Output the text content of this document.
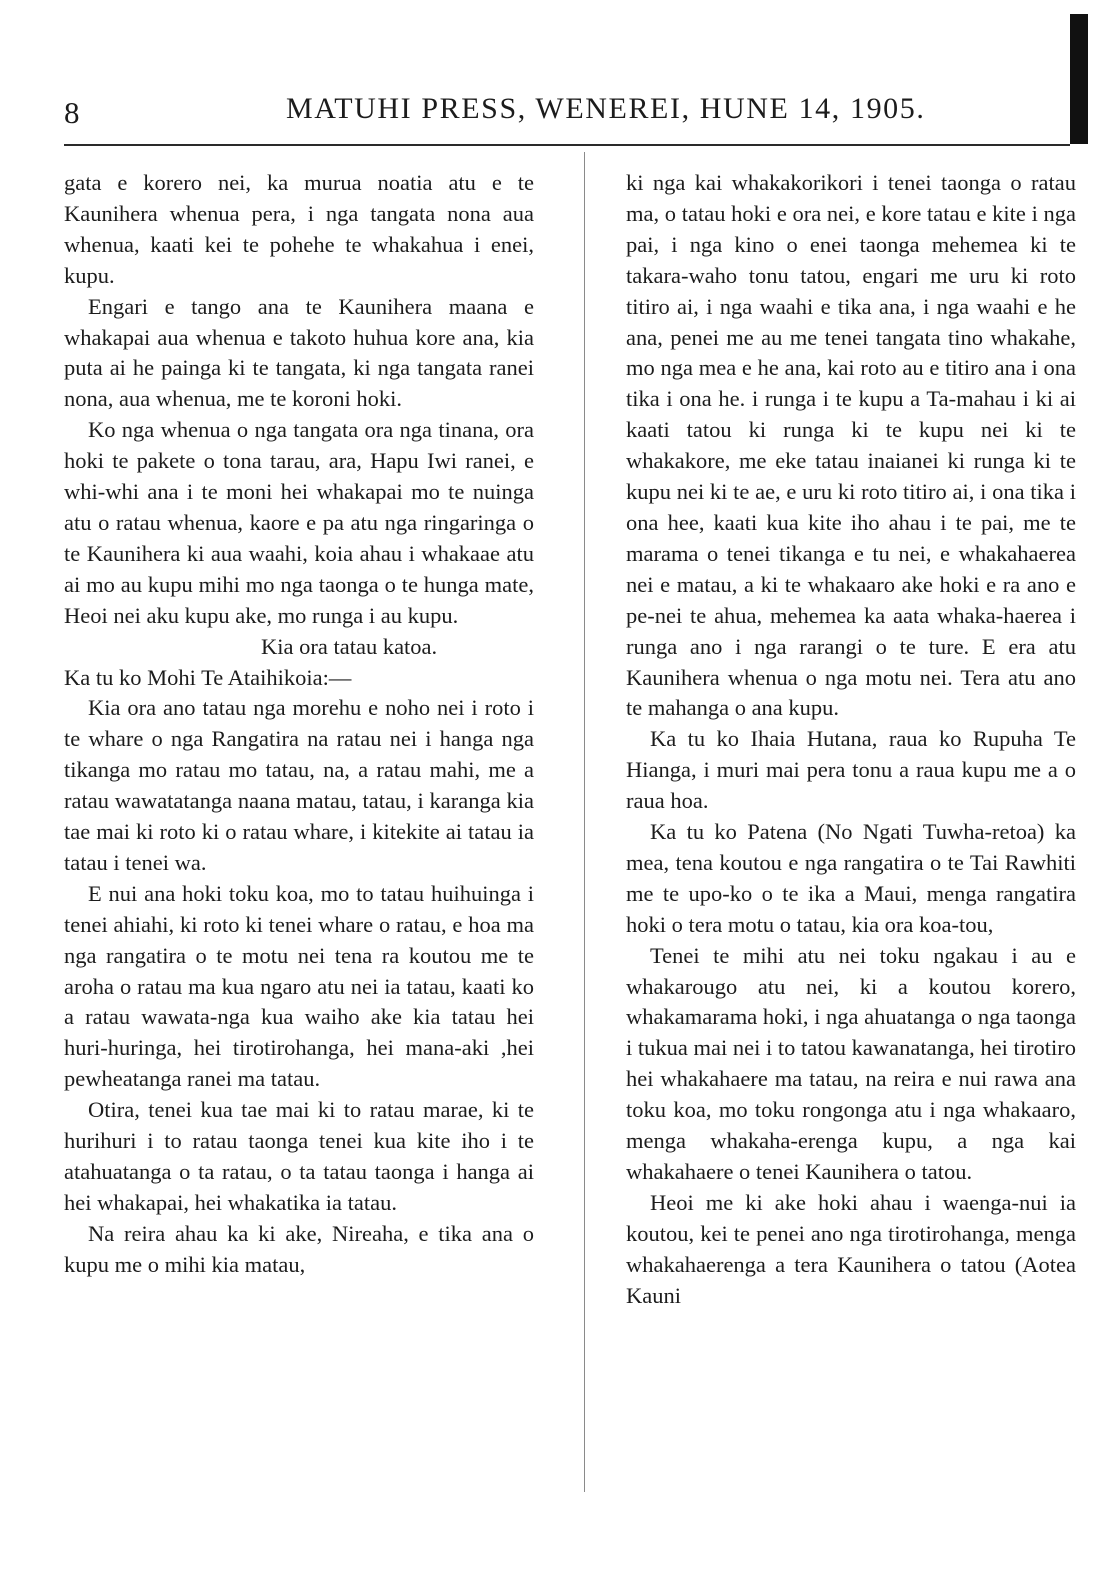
8	MATUHI PRESS, WENEREI, HUNE 14, 1905.

gata e korero nei, ka murua noatia atu e te Kaunihera whenua pera, i nga tangata nona aua whenua, kaati kei te pohehe te whakahua i enei, kupu.

Engari e tango ana te Kaunihera maana e whakapai aua whenua e takoto huhua kore ana, kia puta ai he painga ki te tangata, ki nga tangata ranei nona, aua whenua, me te koroni hoki.

Ko nga whenua o nga tangata ora nga tinana, ora hoki te pakete o tona tarau, ara, Hapu Iwi ranei, e whi-whi ana i te moni hei whakapai mo te nuinga atu o ratau whenua, kaore e pa atu nga ringaringa o te Kaunihera ki aua waahi, koia ahau i whakaae atu ai mo au kupu mihi mo nga taonga o te hunga mate, Heoi nei aku kupu ake, mo runga i au kupu.

Kia ora tatau katoa.

Ka tu ko Mohi Te Ataihikoia:—

Kia ora ano tatau nga morehu e noho nei i roto i te whare o nga Rangatira na ratau nei i hanga nga tikanga mo ratau mo tatau, na, a ratau mahi, me a ratau wawatatanga naana matau, tatau, i karanga kia tae mai ki roto ki o ratau whare, i kitekite ai tatau ia tatau i tenei wa.

E nui ana hoki toku koa, mo to tatau huihuinga i tenei ahiahi, ki roto ki tenei whare o ratau, e hoa ma nga rangatira o te motu nei tena ra koutou me te aroha o ratau ma kua ngaro atu nei ia tatau, kaati ko a ratau wawata-nga kua waiho ake kia tatau hei huri-huringa, hei tirotirohanga, hei mana-aki ,hei pewheatanga ranei ma tatau.

Otira, tenei kua tae mai ki to ratau marae, ki te hurihuri i to ratau taonga tenei kua kite iho i te atahuatanga o ta ratau, o ta tatau taonga i hanga ai hei whakapai, hei whakatika ia tatau.

Na reira ahau ka ki ake, Nireaha, e tika ana o kupu me o mihi kia matau,

ki nga kai whakakorikori i tenei taonga o ratau ma, o tatau hoki e ora nei, e kore tatau e kite i nga pai, i nga kino o enei taonga mehemea ki te takara-waho tonu tatou, engari me uru ki roto titiro ai, i nga waahi e tika ana, i nga waahi e he ana, penei me au me tenei tangata tino whakahe, mo nga mea e he ana, kai roto au e titiro ana i ona tika i ona he. i runga i te kupu a Ta-mahau i ki ai kaati tatou ki runga ki te kupu nei ki te whakakore, me eke tatau inaianei ki runga ki te kupu nei ki te ae, e uru ki roto titiro ai, i ona tika i ona hee, kaati kua kite iho ahau i te pai, me te marama o tenei tikanga e tu nei, e whakahaerea nei e matau, a ki te whakaaro ake hoki e ra ano e pe-nei te ahua, mehemea ka aata whaka-haerea i runga ano i nga rarangi o te ture. E era atu Kaunihera whenua o nga motu nei. Tera atu ano te mahanga o ana kupu.

Ka tu ko Ihaia Hutana, raua ko Rupuha Te Hianga, i muri mai pera tonu a raua kupu me a o raua hoa.

Ka tu ko Patena (No Ngati Tuwha-retoa) ka mea, tena koutou e nga rangatira o te Tai Rawhiti me te upo-ko o te ika a Maui, menga rangatira hoki o tera motu o tatau, kia ora koa-tou,

Tenei te mihi atu nei toku ngakau i au e whakarougo atu nei, ki a koutou korero, whakamarama hoki, i nga ahuatanga o nga taonga i tukua mai nei i to tatou kawanatanga, hei tirotiro hei whakahaere ma tatau, na reira e nui rawa ana toku koa, mo toku rongonga atu i nga whakaaro, menga whakaha-erenga kupu, a nga kai whakahaere o tenei Kaunihera o tatou.

Heoi me ki ake hoki ahau i waenga-nui ia koutou, kei te penei ano nga tirotirohanga, menga whakahaerenga a tera Kaunihera o tatou (Aotea Kauni
